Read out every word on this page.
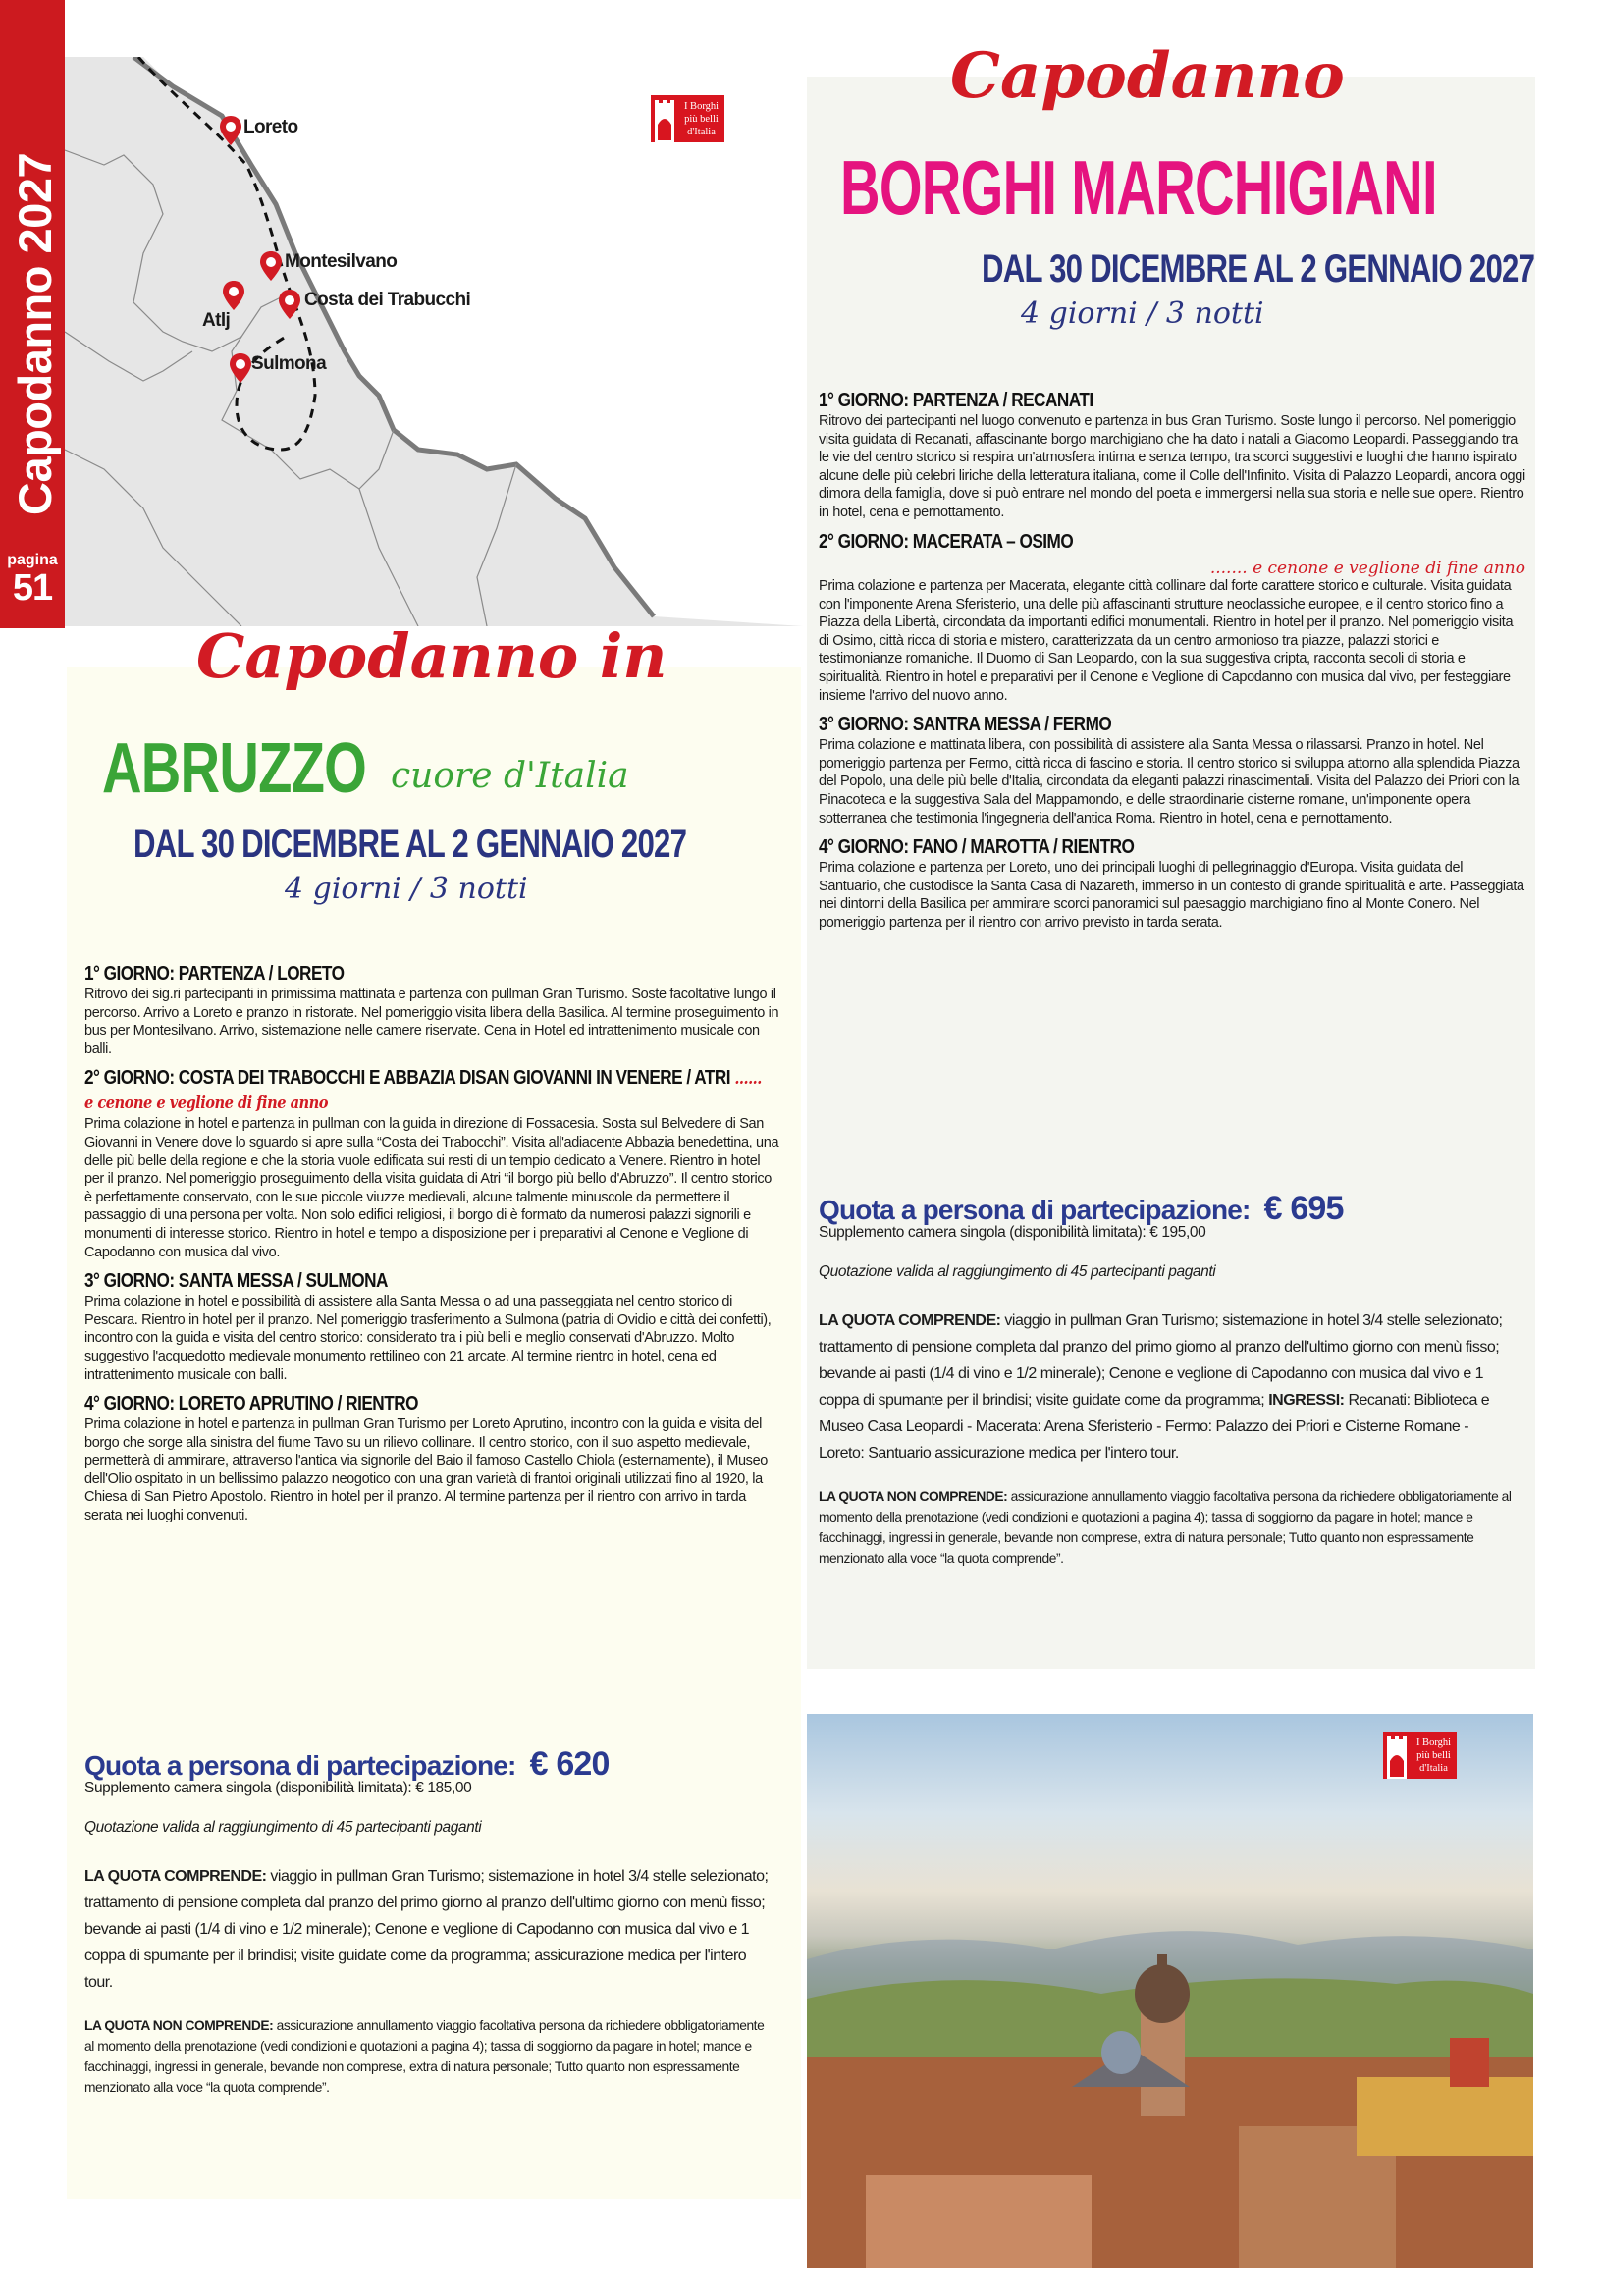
Capodanno 2027
pagina
51
Loreto
Montesilvano
Costa dei Trabucchi
Atlj
Sulmona
I Borghi
più belli
d'Italia
Capodanno in
ABRUZZO cuore d'Italia
DAL 30 DICEMBRE AL 2 GENNAIO 2027
4 giorni / 3 notti
1° GIORNO: PARTENZA / LORETO
Ritrovo dei sig.ri partecipanti in primissima mattinata e partenza con pullman Gran Turismo. Soste facoltative lungo il percorso. Arrivo a Loreto e pranzo in ristorate. Nel pomeriggio visita libera della Basilica. Al termine proseguimento in bus per Montesilvano. Arrivo, sistemazione nelle camere riservate. Cena in Hotel ed intrattenimento musicale con balli.
2° GIORNO: COSTA DEI TRABOCCHI E ABBAZIA DISAN GIOVANNI IN VENERE / ATRI ...... e cenone e veglione di fine anno
Prima colazione in hotel e partenza in pullman con la guida in direzione di Fossacesia. Sosta sul Belvedere di San Giovanni in Venere dove lo sguardo si apre sulla “Costa dei Trabocchi”. Visita all'adiacente Abbazia benedettina, una delle più belle della regione e che la storia vuole edificata sui resti di un tempio dedicato a Venere. Rientro in hotel per il pranzo. Nel pomeriggio proseguimento della visita guidata di Atri “il borgo più bello d'Abruzzo”. Il centro storico è perfettamente conservato, con le sue piccole viuzze medievali, alcune talmente minuscole da permettere il passaggio di una persona per volta. Non solo edifici religiosi, il borgo di è formato da numerosi palazzi signorili e monumenti di interesse storico. Rientro in hotel e tempo a disposizione per i preparativi al Cenone e Veglione di Capodanno con musica dal vivo.
3° GIORNO: SANTA MESSA / SULMONA
Prima colazione in hotel e possibilità di assistere alla Santa Messa o ad una passeggiata nel centro storico di Pescara. Rientro in hotel per il pranzo. Nel pomeriggio trasferimento a Sulmona (patria di Ovidio e città dei confetti), incontro con la guida e visita del centro storico: considerato tra i più belli e meglio conservati d'Abruzzo. Molto suggestivo l'acquedotto medievale monumento rettilineo con 21 arcate. Al termine rientro in hotel, cena ed intrattenimento musicale con balli.
4° GIORNO: LORETO APRUTINO / RIENTRO
Prima colazione in hotel e partenza in pullman Gran Turismo per Loreto Aprutino, incontro con la guida e visita del borgo che sorge alla sinistra del fiume Tavo su un rilievo collinare. Il centro storico, con il suo aspetto medievale, permetterà di ammirare, attraverso l'antica via signorile del Baio il famoso Castello Chiola (esternamente), il Museo dell'Olio ospitato in un bellissimo palazzo neogotico con una gran varietà di frantoi originali utilizzati fino al 1920, la Chiesa di San Pietro Apostolo. Rientro in hotel per il pranzo. Al termine partenza per il rientro con arrivo in tarda serata nei luoghi convenuti.
Quota a persona di partecipazione: € 620
Supplemento camera singola (disponibilità limitata): € 185,00
Quotazione valida al raggiungimento di 45 partecipanti paganti
LA QUOTA COMPRENDE: viaggio in pullman Gran Turismo; sistemazione in hotel 3/4 stelle selezionato; trattamento di pensione completa dal pranzo del primo giorno al pranzo dell'ultimo giorno con menù fisso; bevande ai pasti (1/4 di vino e 1/2 minerale); Cenone e veglione di Capodanno con musica dal vivo e 1 coppa di spumante per il brindisi; visite guidate come da programma; assicurazione medica per l'intero tour.
LA QUOTA NON COMPRENDE: assicurazione annullamento viaggio facoltativa persona da richiedere obbligatoriamente al momento della prenotazione (vedi condizioni e quotazioni a pagina 4); tassa di soggiorno da pagare in hotel; mance e facchinaggi, ingressi in generale, bevande non comprese, extra di natura personale; Tutto quanto non espressamente menzionato alla voce “la quota comprende”.
Capodanno
BORGHI MARCHIGIANI
DAL 30 DICEMBRE AL 2 GENNAIO 2027
4 giorni / 3 notti
1° GIORNO: PARTENZA / RECANATI
Ritrovo dei partecipanti nel luogo convenuto e partenza in bus Gran Turismo. Soste lungo il percorso. Nel pomeriggio visita guidata di Recanati, affascinante borgo marchigiano che ha dato i natali a Giacomo Leopardi. Passeggiando tra le vie del centro storico si respira un'atmosfera intima e senza tempo, tra scorci suggestivi e luoghi che hanno ispirato alcune delle più celebri liriche della letteratura italiana, come il Colle dell'Infinito. Visita di Palazzo Leopardi, ancora oggi dimora della famiglia, dove si può entrare nel mondo del poeta e immergersi nella sua storia e nelle sue opere. Rientro in hotel, cena e pernottamento.
2° GIORNO: MACERATA – OSIMO
....... e cenone e veglione di fine anno
Prima colazione e partenza per Macerata, elegante città collinare dal forte carattere storico e culturale. Visita guidata con l'imponente Arena Sferisterio, una delle più affascinanti strutture neoclassiche europee, e il centro storico fino a Piazza della Libertà, circondata da importanti edifici monumentali. Rientro in hotel per il pranzo. Nel pomeriggio visita di Osimo, città ricca di storia e mistero, caratterizzata da un centro armonioso tra piazze, palazzi storici e testimonianze romaniche. Il Duomo di San Leopardo, con la sua suggestiva cripta, racconta secoli di storia e spiritualità. Rientro in hotel e preparativi per il Cenone e Veglione di Capodanno con musica dal vivo, per festeggiare insieme l'arrivo del nuovo anno.
3° GIORNO: SANTRA MESSA / FERMO
Prima colazione e mattinata libera, con possibilità di assistere alla Santa Messa o rilassarsi. Pranzo in hotel. Nel pomeriggio partenza per Fermo, città ricca di fascino e storia. Il centro storico si sviluppa attorno alla splendida Piazza del Popolo, una delle più belle d'Italia, circondata da eleganti palazzi rinascimentali. Visita del Palazzo dei Priori con la Pinacoteca e la suggestiva Sala del Mappamondo, e delle straordinarie cisterne romane, un'imponente opera sotterranea che testimonia l'ingegneria dell'antica Roma. Rientro in hotel, cena e pernottamento.
4° GIORNO: FANO / MAROTTA / RIENTRO
Prima colazione e partenza per Loreto, uno dei principali luoghi di pellegrinaggio d'Europa. Visita guidata del Santuario, che custodisce la Santa Casa di Nazareth, immerso in un contesto di grande spiritualità e arte. Passeggiata nei dintorni della Basilica per ammirare scorci panoramici sul paesaggio marchigiano fino al Monte Conero. Nel pomeriggio partenza per il rientro con arrivo previsto in tarda serata.
Quota a persona di partecipazione: € 695
Supplemento camera singola (disponibilità limitata): € 195,00
Quotazione valida al raggiungimento di 45 partecipanti paganti
LA QUOTA COMPRENDE: viaggio in pullman Gran Turismo; sistemazione in hotel 3/4 stelle selezionato; trattamento di pensione completa dal pranzo del primo giorno al pranzo dell'ultimo giorno con menù fisso; bevande ai pasti (1/4 di vino e 1/2 minerale); Cenone e veglione di Capodanno con musica dal vivo e 1 coppa di spumante per il brindisi; visite guidate come da programma; INGRESSI: Recanati: Biblioteca e Museo Casa Leopardi - Macerata: Arena Sferisterio - Fermo: Palazzo dei Priori e Cisterne Romane - Loreto: Santuario assicurazione medica per l'intero tour.
LA QUOTA NON COMPRENDE: assicurazione annullamento viaggio facoltativa persona da richiedere obbligatoriamente al momento della prenotazione (vedi condizioni e quotazioni a pagina 4); tassa di soggiorno da pagare in hotel; mance e facchinaggi, ingressi in generale, bevande non comprese, extra di natura personale; Tutto quanto non espressamente menzionato alla voce “la quota comprende”.
I Borghi
più belli
d'Italia
